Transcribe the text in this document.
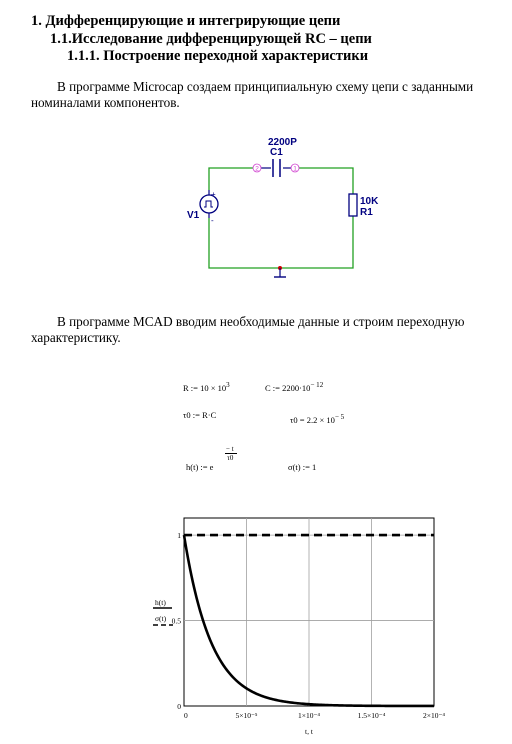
1. Дифференцирующие и интегрирующие цепи
1.1.Исследование дифференцирующей RC – цепи
1.1.1. Построение переходной характеристики
В программе Microcap создаем принципиальную схему цепи с заданными номиналами компонентов.
2	1
2200P
C1
10K
R1
+
-
V1
В программе MCAD вводим необходимые данные и строим переходную характеристику.
R := $10 \times 10^3$	C := $2200\cdot 10^{- 12}$
τ0 := R·C	$\tau 0 = 2.2 \times 10^{- 5}$
h(t) := e
− t
τ0
σ(t) := 1
0	5×10⁻⁵	1×10⁻⁴	1.5×10⁻⁴	2×10⁻⁴
0
0.5
1
h(t)
σ(t)
t, t
